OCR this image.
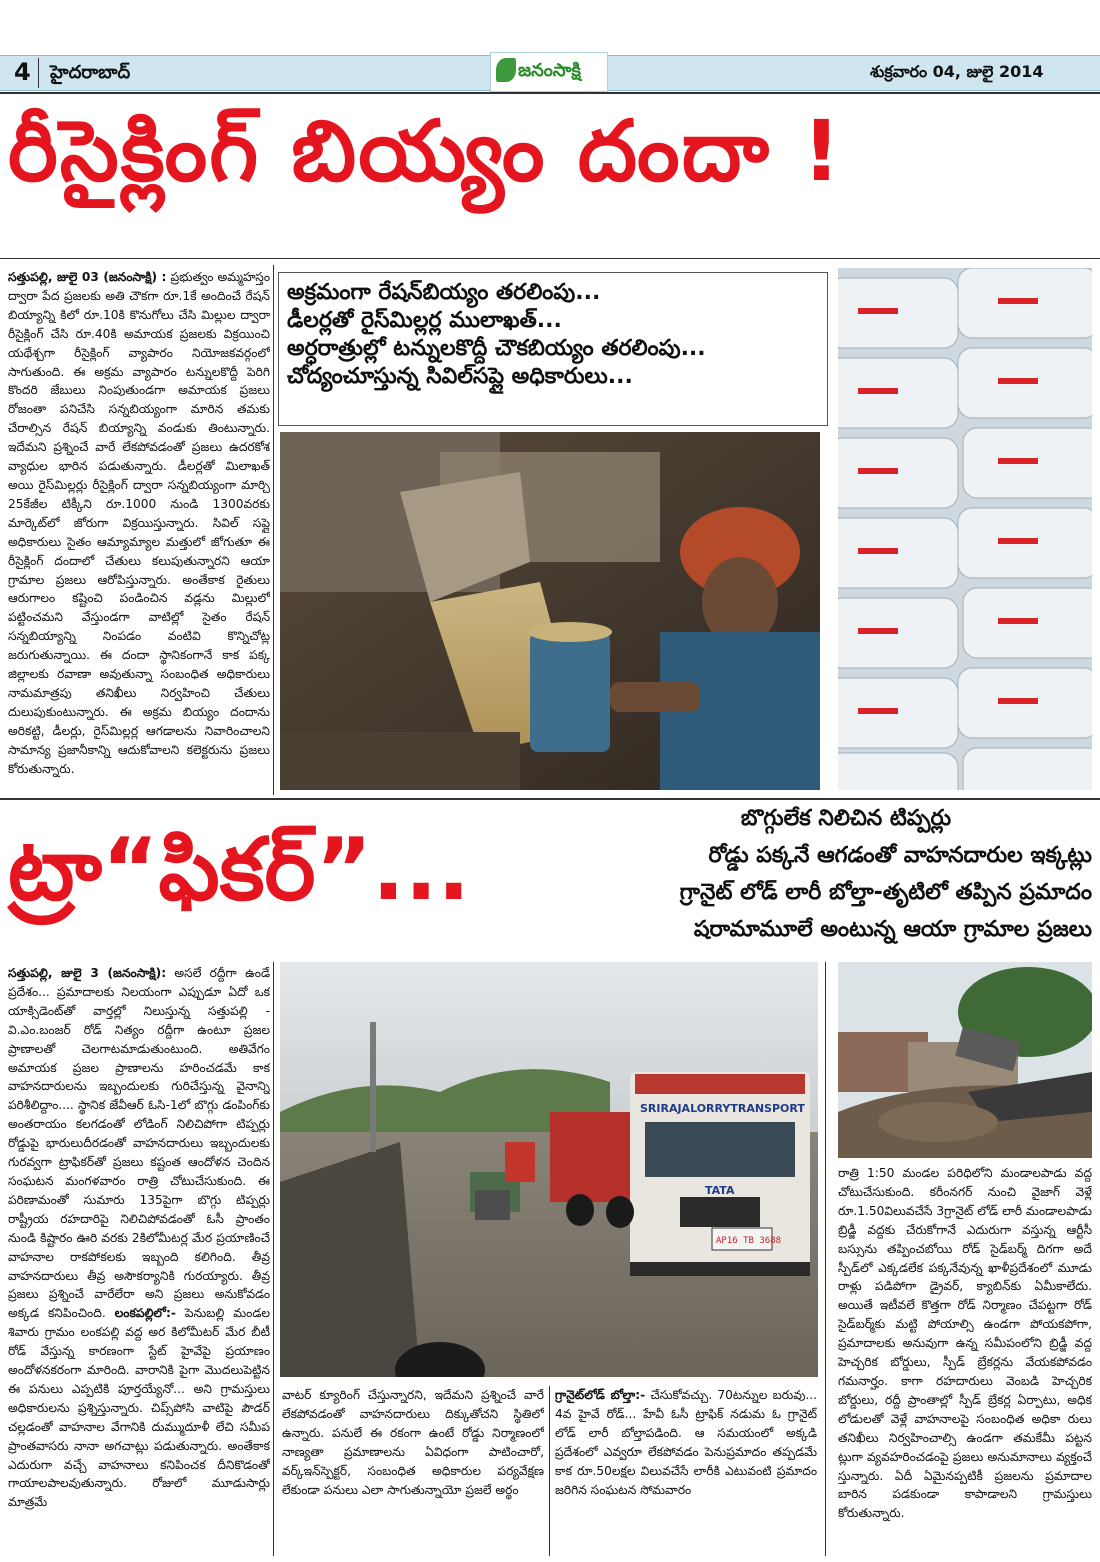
4 హైదరాబాద్	జనంసాక్షి	శుక్రవారం 04, జులై 2014
రీసైక్లింగ్ బియ్యం దందా !
సత్తుపల్లి, జులై 03 (జనంసాక్షి) : ప్రభుత్వం అమ్మహస్తం ద్వారా పేద ప్రజలకు అతి చౌకగా రూ.1కే అందించే రేషన్ బియ్యాన్ని కిలో రూ.10కి కొనుగోలు చేసి మిల్లుల ద్వారా రీసైక్లింగ్ చేసి రూ.40కి అమాయక ప్రజలకు విక్రయించి యథేశ్చగా రీసైక్లింగ్ వ్యాపారం నియోజకవర్గంలో సాగుతుంది. ఈ అక్రమ వ్యాపారం టన్నులకొద్దీ పెరిగి కొందరి జేబులు నింపుతుండగా అమాయక ప్రజలు రోజంతా పనిచేసి సన్నబియ్యంగా మారిన తమకు చేరాల్సిన రేషన్ బియ్యాన్ని వండుకు తింటున్నారు. ఇదేమని ప్రశ్నించే వారే లేకపోవడంతో ప్రజలు ఉదరకోశ వ్యాధుల భారిన పడుతున్నారు. డీలర్లతో మిలాఖత్ అయి రైస్‌మిల్లర్లు రీసైక్లింగ్ ద్వారా సన్నబియ్యంగా మార్చి 25కేజీల టిక్కీని రూ.1000 నుండి 1300వరకు మార్కెట్‌లో జోరుగా విక్రయిస్తున్నారు. సివిల్ సప్లై అధికారులు సైతం ఆమ్యామ్యాల మత్తులో జోగుతూ ఈ రీసైక్లింగ్ దందాలో చేతులు కలుపుతున్నారని ఆయా గ్రామాల ప్రజలు ఆరోపిస్తున్నారు. అంతేకాక రైతులు ఆరుగాలం కష్టించి పండించిన వడ్లను మిల్లులో పట్టించమని వేస్తుండగా వాటిల్లో సైతం రేషన్ సన్నబియ్యాన్ని నింపడం వంటివి కొన్నిచోట్ల జరుగుతున్నాయి. ఈ దందా స్థానికంగానే కాక పక్క జిల్లాలకు రవాణా అవుతున్నా సంబంధిత అధికారులు నామమాత్రపు తనిఖీలు నిర్వహించి చేతులు దులుపుకుంటున్నారు. ఈ అక్రమ బియ్యం దందాను అరికట్టి, డీలర్లు, రైస్‌మిల్లర్ల ఆగడాలను నివారించాలని సామాన్య ప్రజానీకాన్ని ఆదుకోవాలని కలెక్టరును ప్రజలు కోరుతున్నారు.
అక్రమంగా రేషన్‌బియ్యం తరలింపు...
డీలర్లతో రైస్‌మిల్లర్ల ములాఖత్...
అర్ధరాత్రుల్లో టన్నులకొద్దీ చౌకబియ్యం తరలింపు...
చోద్యంచూస్తున్న సివిల్‌సప్లై అధికారులు...
ట్రా“ఫికర్”...
బొగ్గులేక నిలిచిన టిప్పర్లు
రోడ్డు పక్కనే ఆగడంతో వాహనదారుల ఇక్కట్లు
గ్రానైట్ లోడ్ లారీ బోల్తా-తృటిలో తప్పిన ప్రమాదం
షరామామూలే అంటున్న ఆయా గ్రామాల ప్రజలు
సత్తుపల్లి, జులై 3 (జనంసాక్షి): అసలే రద్దీగా ఉండే ప్రదేశం... ప్రమాదాలకు నిలయంగా ఎప్పుడూ ఏదో ఒక యాక్సిడెంట్‌తో వార్తల్లో నిలుస్తున్న సత్తుపల్లి - వి.ఎం.బంజర్ రోడ్ నిత్యం రద్దీగా ఉంటూ ప్రజల ప్రాణాలతో చెలగాటమాడుతుంటుంది. అతివేగం అమాయక ప్రజల ప్రాణాలను హరించడమే కాక వాహనదారులను ఇబ్బందులకు గురిచేస్తున్న వైనాన్ని పరిశీలిద్దాం.... స్థానిక జేవీఆర్ ఓసి-1లో బొగ్గు డంపింగ్‌కు అంతరాయం కలగడంతో లోడింగ్ నిలిచిపోగా టిప్పర్లు రోడ్డుపై భారులుదీరడంతో వాహనదారులు ఇబ్బందులకు గురవ్వగా ట్రాఫికర్‌తో ప్రజలు కష్టంత ఆందోళన చెందిన సంఘటన మంగళవారం రాత్రి చోటుచేసుకుంది. ఈ పరిణామంతో సుమారు 135పైగా బొగ్గు టిప్పర్లు రాష్ట్రీయ రహదారిపై నిలిచిపోవడంతో ఓసీ ప్రాంతం నుండి కిష్టారం ఊరి వరకు 2కిలోమీటర్ల మేర ప్రయాణించే వాహనాల రాకపోకలకు ఇబ్బంది కలిగింది. తీవ్ర వాహనదారులు తీవ్ర అసౌకర్యానికి గురయ్యారు. తీవ్ర ప్రజలు ప్రశ్నించే వారేలేరా అని ప్రజలు అనుకోవడం అక్కడ కనిపించింది. లంకపల్లిలో:- పెనుబల్లి మండల శివారు గ్రామం లంకపల్లి వద్ద అర కిలోమీటర్ మేర బీటీ రోడ్ వేస్తున్న కారణంగా స్టేట్ హైవేపై ప్రయాణం అందోళనకరంగా మారింది. వారానికి పైగా మొదలుపెట్టిన ఈ పనులు ఎప్పటికి పూర్తయ్యేనో... అని గ్రామస్తులు అధికారులను ప్రశ్నిస్తున్నారు. చిప్స్‌పోసి వాటిపై పౌడర్ చల్లడంతో వాహనాల వేగానికి దుమ్ముదూళీ లేచి సమీప ప్రాంతవాసరు నానా అగచాట్లు పడుతున్నారు. అంతేకాక ఎదురుగా వచ్చే వాహనాలు కనిపించక దీనికొడంతో గాయాలపాలవుతున్నారు. రోజులో మూడుసార్లు మాత్రమే
SRIRAJALORRYTRANSPORT
TATA
AP16 TB 3688
వాటర్ క్యూరింగ్ చేస్తున్నారని, ఇదేమని ప్రశ్నించే వారే లేకపోవడంతో వాహనదారులు దిక్కుతోచని స్థితిలో ఉన్నారు. పనులే ఈ రకంగా ఉంటే రోడ్డు నిర్మాణంలో నాణ్యతా ప్రమాణాలను ఏవిధంగా పాటించారో, వర్క్ఇన్‌స్పెక్టర్, సంబంధిత అధికారుల పర్యవేక్షణ లేకుండా పనులు ఎలా సాగుతున్నాయో ప్రజలే అర్థం
గ్రానైట్‌లోడ్ బోల్తా:- చేసుకోవచ్చు. 70టన్నుల బరువు... 4వ హైవే రోడ్... హేవీ ఓసీ ట్రాఫిక్ నడుమ ఓ గ్రానైట్ లోడ్ లారీ బోల్తాపడింది. ఆ సమయంలో అక్కడి ప్రదేశంలో ఎవ్వరూ లేకపోవడం పెనుప్రమాదం తప్పడమే కాక రూ.50లక్షల విలువచేసే లారీకి ఎటువంటి ప్రమాదం జరిగిన సంఘటన సోమవారం
రాత్రి 1:50 మండల పరిధిలోని మండాలపాడు వద్ద చోటుచేసుకుంది. కరీంనగర్ నుంచి వైజాగ్ వెళ్లే రూ.1.50విలువచేసే 3గ్రానైట్ లోడ్ లారీ మండాలపాడు బ్రిడ్జీ వద్దకు చేరుకోగానే ఎదురుగా వస్తున్న ఆర్టీసీ బస్సును తప్పించబోయి రోడ్ సైడ్‌బర్మ్ దిగగా అదే స్పీడ్‌లో ఎక్కడలేక పక్కనేవున్న ఖాళీప్రదేశంలో మూడు రాళ్లు పడిపోగా డ్రైవర్, క్యాబిన్‌కు ఏమీకాలేదు. అయితే ఇటీవలే కొత్తగా రోడ్ నిర్మాణం చేపట్టగా రోడ్ సైడ్‌బర్మ్‌కు మట్టి పోయాల్సి ఉండగా పోయకపోగా, ప్రమాదాలకు అనువుగా ఉన్న సమీపంలోని బ్రిడ్జీ వద్ద హెచ్చరిక బోర్డులు, స్పీడ్ బ్రేకర్లను వేయకపోవడం గమనార్హం. కాగా రహదారులు వెంబడి హెచ్చరిక బోర్డులు, రద్దీ ప్రాంతాల్లో స్పీడ్ బ్రేకర్ల ఏర్పాటు, అధిక లోడులతో వెళ్లే వాహనాలపై సంబంధిత అధికా రులు తనిఖీలు నిర్వహించాల్సి ఉండగా తమకేమీ పట్టన ట్లుగా వ్యవహరించడంపై ప్రజలు అనుమానాలు వ్యక్తంచే స్తున్నారు. ఏదీ ఏమైనప్పటికీ ప్రజలను ప్రమాదాల బారిన పడకుండా కాపాడాలని గ్రామస్తులు కోరుతున్నారు.
